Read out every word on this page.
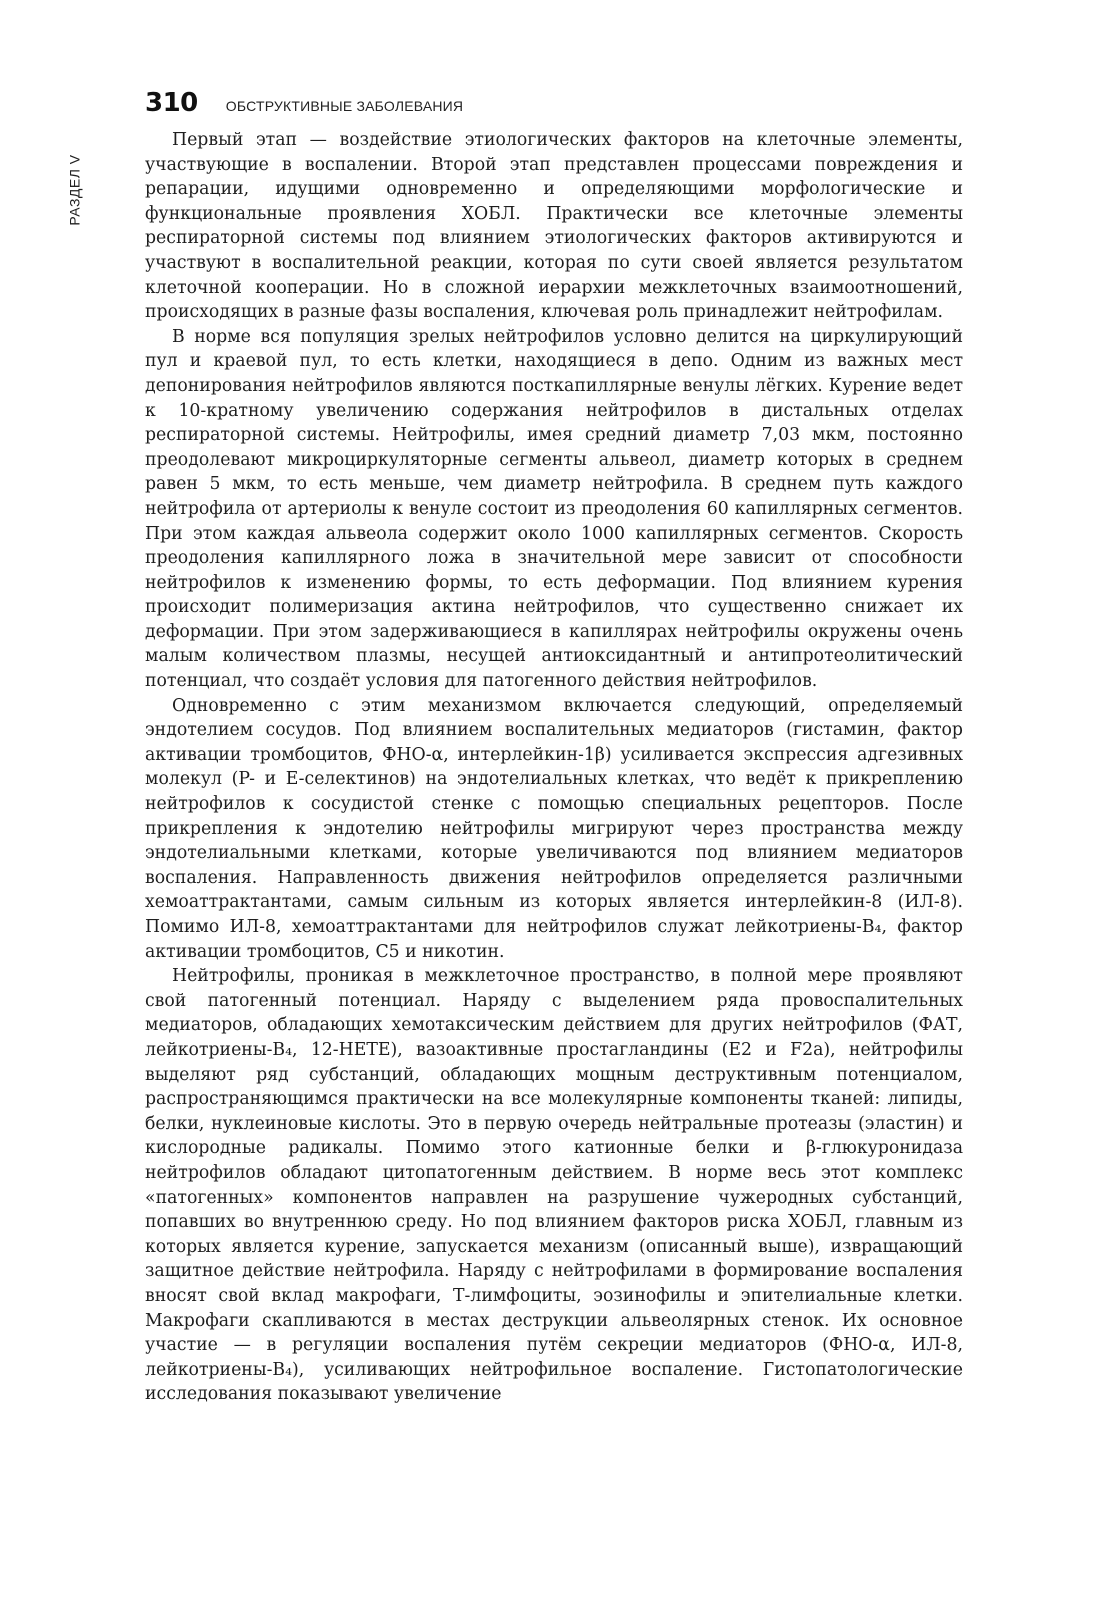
310 ОБСТРУКТИВНЫЕ ЗАБОЛЕВАНИЯ
РАЗДЕЛ V

Первый этап — воздействие этиологических факторов на клеточные элементы, участвующие в воспалении. Второй этап представлен процессами повреждения и репарации, идущими одновременно и определяющими морфологические и функциональные проявления ХОБЛ. Практически все клеточные элементы респираторной системы под влиянием этиологических факторов активируются и участвуют в воспалительной реакции, которая по сути своей является результатом клеточной кооперации. Но в сложной иерархии межклеточных взаимоотношений, происходящих в разные фазы воспаления, ключевая роль принадлежит нейтрофилам.

В норме вся популяция зрелых нейтрофилов условно делится на циркулирующий пул и краевой пул, то есть клетки, находящиеся в депо. Одним из важных мест депонирования нейтрофилов являются посткапиллярные венулы лёгких. Курение ведет к 10-кратному увеличению содержания нейтрофилов в дистальных отделах респираторной системы. Нейтрофилы, имея средний диаметр 7,03 мкм, постоянно преодолевают микроциркуляторные сегменты альвеол, диаметр которых в среднем равен 5 мкм, то есть меньше, чем диаметр нейтрофила. В среднем путь каждого нейтрофила от артериолы к венуле состоит из преодоления 60 капиллярных сегментов. При этом каждая альвеола содержит около 1000 капиллярных сегментов. Скорость преодоления капиллярного ложа в значительной мере зависит от способности нейтрофилов к изменению формы, то есть деформации. Под влиянием курения происходит полимеризация актина нейтрофилов, что существенно снижает их деформации. При этом задерживающиеся в капиллярах нейтрофилы окружены очень малым количеством плазмы, несущей антиоксидантный и антипротеолитический потенциал, что создаёт условия для патогенного действия нейтрофилов.

Одновременно с этим механизмом включается следующий, определяемый эндотелием сосудов. Под влиянием воспалительных медиаторов (гистамин, фактор активации тромбоцитов, ФНО-α, интерлейкин-1β) усиливается экспрессия адгезивных молекул (P- и E-селектинов) на эндотелиальных клетках, что ведёт к прикреплению нейтрофилов к сосудистой стенке с помощью специальных рецепторов. После прикрепления к эндотелию нейтрофилы мигрируют через пространства между эндотелиальными клетками, которые увеличиваются под влиянием медиаторов воспаления. Направленность движения нейтрофилов определяется различными хемоаттрактантами, самым сильным из которых является интерлейкин-8 (ИЛ-8). Помимо ИЛ-8, хемоаттрактантами для нейтрофилов служат лейкотриены-B₄, фактор активации тромбоцитов, C5 и никотин.

Нейтрофилы, проникая в межклеточное пространство, в полной мере проявляют свой патогенный потенциал. Наряду с выделением ряда провоспалительных медиаторов, обладающих хемотаксическим действием для других нейтрофилов (ФАТ, лейкотриены-B₄, 12-HETE), вазоактивные простагландины (E2 и F2a), нейтрофилы выделяют ряд субстанций, обладающих мощным деструктивным потенциалом, распространяющимся практически на все молекулярные компоненты тканей: липиды, белки, нуклеиновые кислоты. Это в первую очередь нейтральные протеазы (эластин) и кислородные радикалы. Помимо этого катионные белки и β-глюкуронидаза нейтрофилов обладают цитопатогенным действием. В норме весь этот комплекс «патогенных» компонентов направлен на разрушение чужеродных субстанций, попавших во внутреннюю среду. Но под влиянием факторов риска ХОБЛ, главным из которых является курение, запускается механизм (описанный выше), извращающий защитное действие нейтрофила. Наряду с нейтрофилами в формирование воспаления вносят свой вклад макрофаги, Т-лимфоциты, эозинофилы и эпителиальные клетки. Макрофаги скапливаются в местах деструкции альвеолярных стенок. Их основное участие — в регуляции воспаления путём секреции медиаторов (ФНО-α, ИЛ-8, лейкотриены-B₄), усиливающих нейтрофильное воспаление. Гистопатологические исследования показывают увеличение
